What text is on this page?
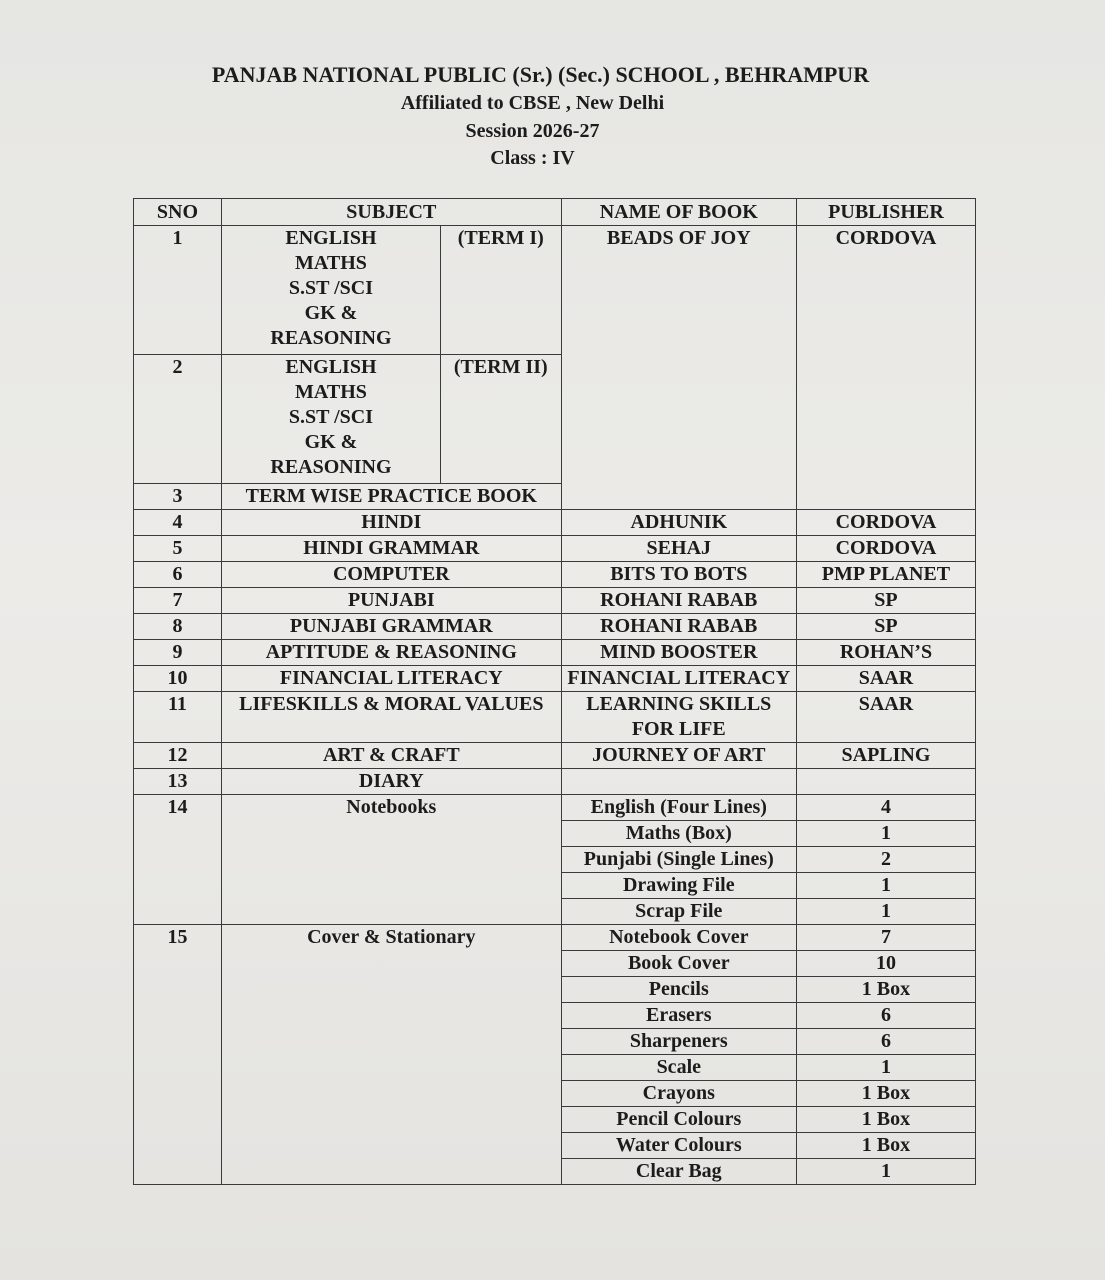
PANJAB NATIONAL PUBLIC (Sr.) (Sec.) SCHOOL , BEHRAMPUR
Affiliated to CBSE , New Delhi
Session 2026-27
Class : IV
SNO	SUBJECT		NAME OF BOOK	PUBLISHER
1	ENGLISH
MATHS
S.ST /SCI
GK &
REASONING	(TERM I)	BEADS OF JOY	CORDOVA
2	ENGLISH
MATHS
S.ST /SCI
GK &
REASONING	(TERM II)		
3	TERM WISE PRACTICE BOOK			
4	HINDI		ADHUNIK	CORDOVA
5	HINDI GRAMMAR		SEHAJ	CORDOVA
6	COMPUTER		BITS TO BOTS	PMP PLANET
7	PUNJABI		ROHANI RABAB	SP
8	PUNJABI GRAMMAR		ROHANI RABAB	SP
9	APTITUDE & REASONING		MIND BOOSTER	ROHAN’S
10	FINANCIAL LITERACY		FINANCIAL LITERACY	SAAR
11	LIFESKILLS & MORAL VALUES		LEARNING SKILLS FOR LIFE	SAAR
12	ART & CRAFT		JOURNEY OF ART	SAPLING
13	DIARY			
14	Notebooks		English (Four Lines)	4
			Maths (Box)	1
			Punjabi (Single Lines)	2
			Drawing File	1
			Scrap File	1
15	Cover & Stationary		Notebook Cover	7
			Book Cover	10
			Pencils	1 Box
			Erasers	6
			Sharpeners	6
			Scale	1
			Crayons	1 Box
			Pencil Colours	1 Box
			Water Colours	1 Box
			Clear Bag	1
